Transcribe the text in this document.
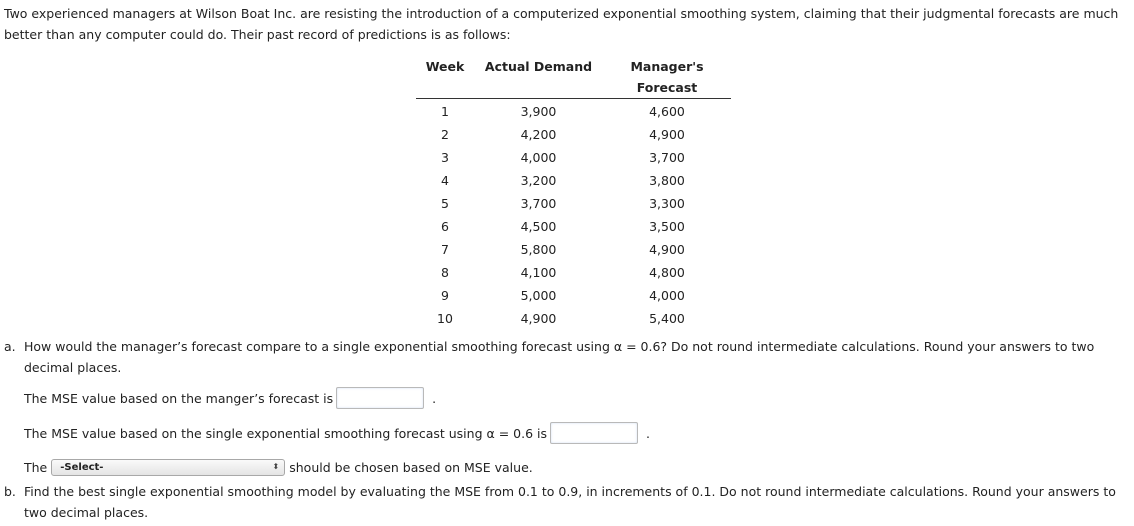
Two experienced managers at Wilson Boat Inc. are resisting the introduction of a computerized exponential smoothing system, claiming that their judgmental forecasts are much better than any computer could do. Their past record of predictions is as follows:

Week	Actual Demand	Manager's Forecast
1	3,900	4,600
2	4,200	4,900
3	4,000	3,700
4	3,200	3,800
5	3,700	3,300
6	4,500	3,500
7	5,800	4,900
8	4,100	4,800
9	5,000	4,000
10	4,900	5,400

a. How would the manager’s forecast compare to a single exponential smoothing forecast using α = 0.6? Do not round intermediate calculations. Round your answers to two decimal places.

The MSE value based on the manger’s forecast is	.
The MSE value based on the single exponential smoothing forecast using α = 0.6 is	.
The -Select-	⬍ should be chosen based on MSE value.

b. Find the best single exponential smoothing model by evaluating the MSE from 0.1 to 0.9, in increments of 0.1. Do not round intermediate calculations. Round your answers to two decimal places.
